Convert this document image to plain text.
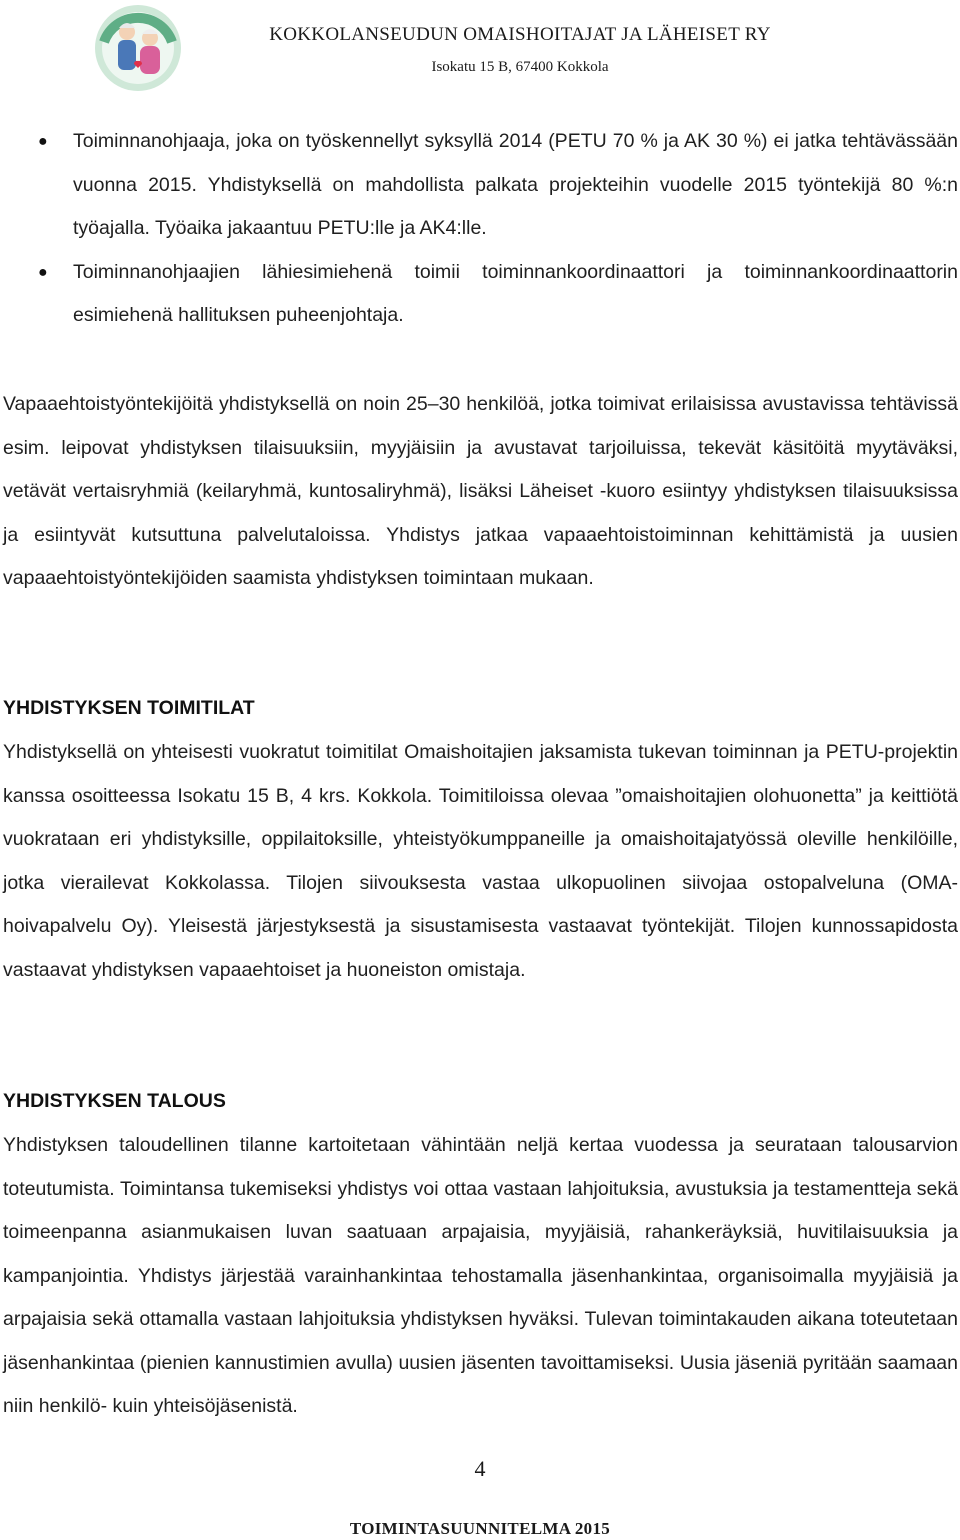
KOKKOLANSEUDUN OMAISHOITAJAT JA LÄHEISET RY
Isokatu 15 B, 67400 Kokkola
● Toiminnanohjaaja, joka on työskennellyt syksyllä 2014 (PETU 70 % ja AK 30 %) ei jatka tehtävässään vuonna 2015. Yhdistyksellä on mahdollista palkata projekteihin vuodelle 2015 työntekijä 80 %:n työajalla. Työaika jakaantuu PETU:lle ja AK4:lle.
● Toiminnanohjaajien lähiesimiehenä toimii toiminnankoordinaattori ja toiminnankoordinaattorin esimiehenä hallituksen puheenjohtaja.

Vapaaehtoistyöntekijöitä yhdistyksellä on noin 25–30 henkilöä, jotka toimivat erilaisissa avustavissa tehtävissä esim. leipovat yhdistyksen tilaisuuksiin, myyjäisiin ja avustavat tarjoiluissa, tekevät käsitöitä myytäväksi, vetävät vertaisryhmiä (keilaryhmä, kuntosaliryhmä), lisäksi Läheiset -kuoro esiintyy yhdistyksen tilaisuuksissa ja esiintyvät kutsuttuna palvelutaloissa. Yhdistys jatkaa vapaaehtoistoiminnan kehittämistä ja uusien vapaaehtoistyöntekijöiden saamista yhdistyksen toimintaan mukaan.

YHDISTYKSEN TOIMITILAT

Yhdistyksellä on yhteisesti vuokratut toimitilat Omaishoitajien jaksamista tukevan toiminnan ja PETU-projektin kanssa osoitteessa Isokatu 15 B, 4 krs. Kokkola. Toimitiloissa olevaa ”omaishoitajien olohuonetta” ja keittiötä vuokrataan eri yhdistyksille, oppilaitoksille, yhteistyökumppaneille ja omaishoitajatyössä oleville henkilöille, jotka vierailevat Kokkolassa. Tilojen siivouksesta vastaa ulkopuolinen siivojaa ostopalveluna (OMA-hoivapalvelu Oy). Yleisestä järjestyksestä ja sisustamisesta vastaavat työntekijät. Tilojen kunnossapidosta vastaavat yhdistyksen vapaaehtoiset ja huoneiston omistaja.

YHDISTYKSEN TALOUS

Yhdistyksen taloudellinen tilanne kartoitetaan vähintään neljä kertaa vuodessa ja seurataan talousarvion toteutumista. Toimintansa tukemiseksi yhdistys voi ottaa vastaan lahjoituksia, avustuksia ja testamentteja sekä toimeenpanna asianmukaisen luvan saatuaan arpajaisia, myyjäisiä, rahankeräyksiä, huvitilaisuuksia ja kampanjointia. Yhdistys järjestää varainhankintaa tehostamalla jäsenhankintaa, organisoimalla myyjäisiä ja arpajaisia sekä ottamalla vastaan lahjoituksia yhdistyksen hyväksi. Tulevan toimintakauden aikana toteutetaan jäsenhankintaa (pienien kannustimien avulla) uusien jäsenten tavoittamiseksi. Uusia jäseniä pyritään saamaan niin henkilö- kuin yhteisöjäsenistä.

4
TOIMINTASUUNNITELMA 2015
